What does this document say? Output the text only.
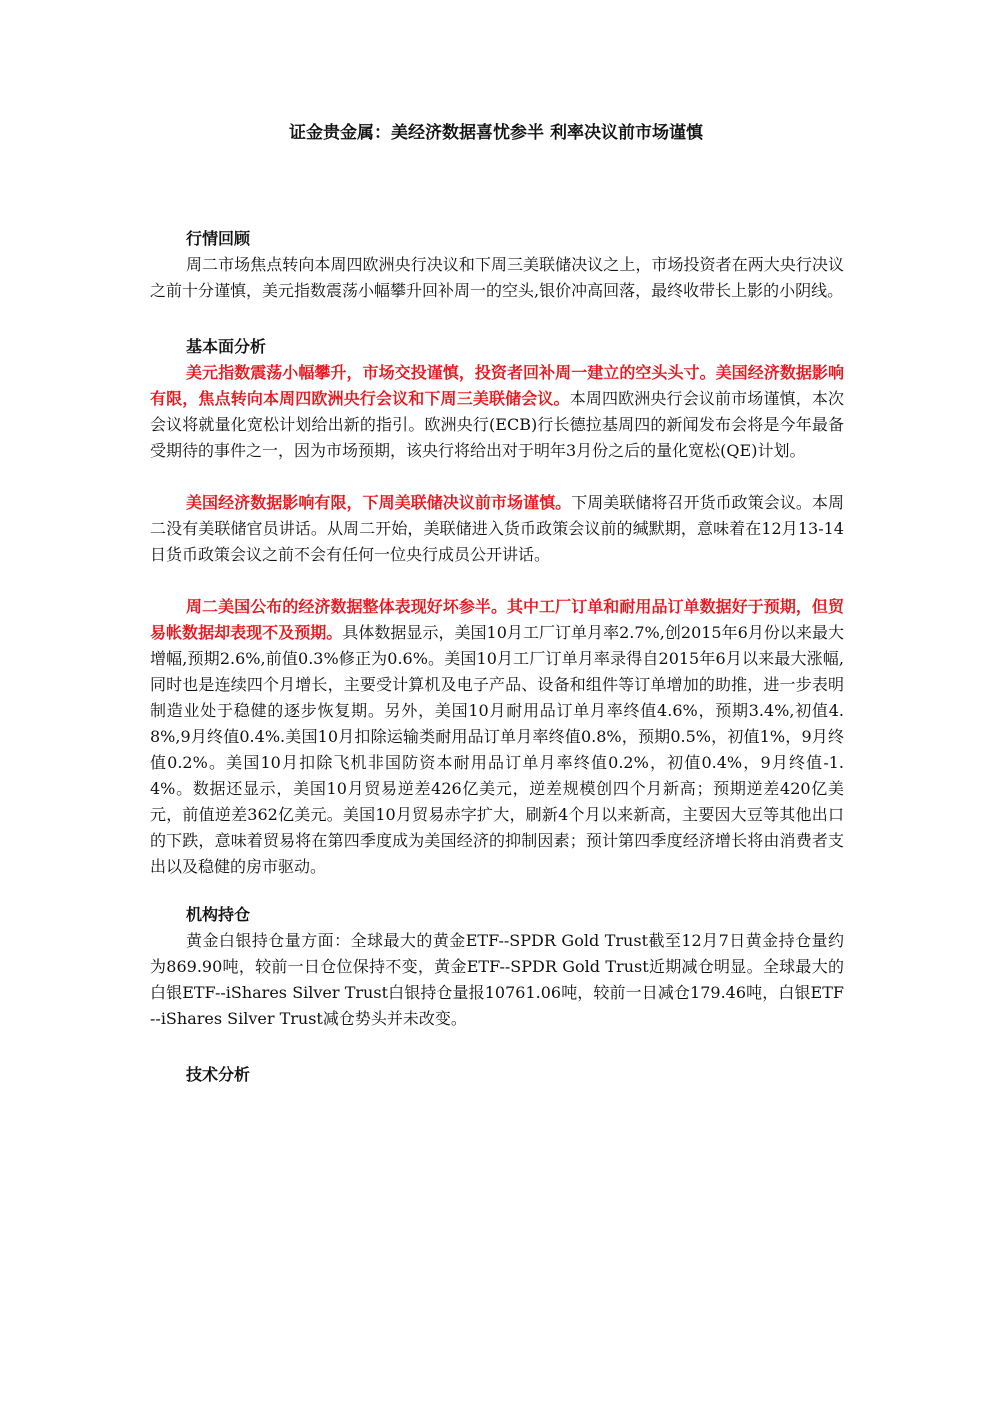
证金贵金属：美经济数据喜忧参半 利率决议前市场谨慎
行情回顾

周二市场焦点转向本周四欧洲央行决议和下周三美联储决议之上，市场投资者在两大央行决议之前十分谨慎，美元指数震荡小幅攀升回补周一的空头,银价冲高回落，最终收带长上影的小阴线。

基本面分析

美元指数震荡小幅攀升，市场交投谨慎，投资者回补周一建立的空头头寸。美国经济数据影响有限，焦点转向本周四欧洲央行会议和下周三美联储会议。本周四欧洲央行会议前市场谨慎，本次会议将就量化宽松计划给出新的指引。欧洲央行(ECB)行长德拉基周四的新闻发布会将是今年最备受期待的事件之一，因为市场预期，该央行将给出对于明年3月份之后的量化宽松(QE)计划。

美国经济数据影响有限，下周美联储决议前市场谨慎。下周美联储将召开货币政策会议。本周二没有美联储官员讲话。从周二开始，美联储进入货币政策会议前的缄默期，意味着在12月13-14日货币政策会议之前不会有任何一位央行成员公开讲话。

周二美国公布的经济数据整体表现好坏参半。其中工厂订单和耐用品订单数据好于预期，但贸易帐数据却表现不及预期。具体数据显示，美国10月工厂订单月率2.7%,创2015年6月份以来最大增幅,预期2.6%,前值0.3%修正为0.6%。美国10月工厂订单月率录得自2015年6月以来最大涨幅,同时也是连续四个月增长，主要受计算机及电子产品、设备和组件等订单增加的助推，进一步表明制造业处于稳健的逐步恢复期。另外，美国10月耐用品订单月率终值4.6%，预期3.4%,初值4.8%,9月终值0.4%.美国10月扣除运输类耐用品订单月率终值0.8%，预期0.5%，初值1%，9月终值0.2%。美国10月扣除飞机非国防资本耐用品订单月率终值0.2%，初值0.4%，9月终值-1.4%。数据还显示，美国10月贸易逆差426亿美元，逆差规模创四个月新高；预期逆差420亿美元，前值逆差362亿美元。美国10月贸易赤字扩大，刷新4个月以来新高，主要因大豆等其他出口的下跌，意味着贸易将在第四季度成为美国经济的抑制因素；预计第四季度经济增长将由消费者支出以及稳健的房市驱动。

机构持仓

黄金白银持仓量方面：全球最大的黄金ETF--SPDR Gold Trust截至12月7日黄金持仓量约为869.90吨，较前一日仓位保持不变，黄金ETF--SPDR Gold Trust近期减仓明显。全球最大的白银ETF--iShares Silver Trust白银持仓量报10761.06吨，较前一日减仓179.46吨，白银ETF--iShares Silver Trust减仓势头并未改变。

技术分析
